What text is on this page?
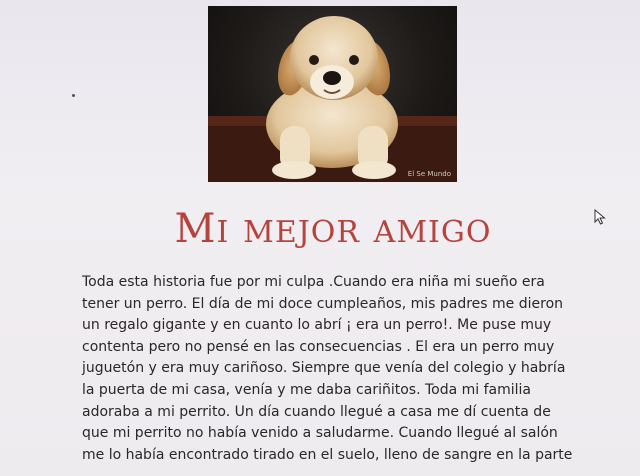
El Se Mundo
MI MEJOR AMIGO
Toda esta historia fue por mi culpa .Cuando era niña mi sueño era
tener un perro. El día de mi doce cumpleaños, mis padres me dieron
un regalo gigante y en cuanto lo abrí ¡ era un perro!. Me puse muy
contenta pero no pensé en las consecuencias . El era un perro muy
juguetón y era muy cariñoso. Siempre que venía del colegio y habría
la puerta de mi casa, venía y me daba cariñitos. Toda mi familia
adoraba a mi perrito. Un día cuando llegué a casa me dí cuenta de
que mi perrito no había venido a saludarme. Cuando llegué al salón
me lo había encontrado tirado en el suelo, lleno de sangre en la parte
